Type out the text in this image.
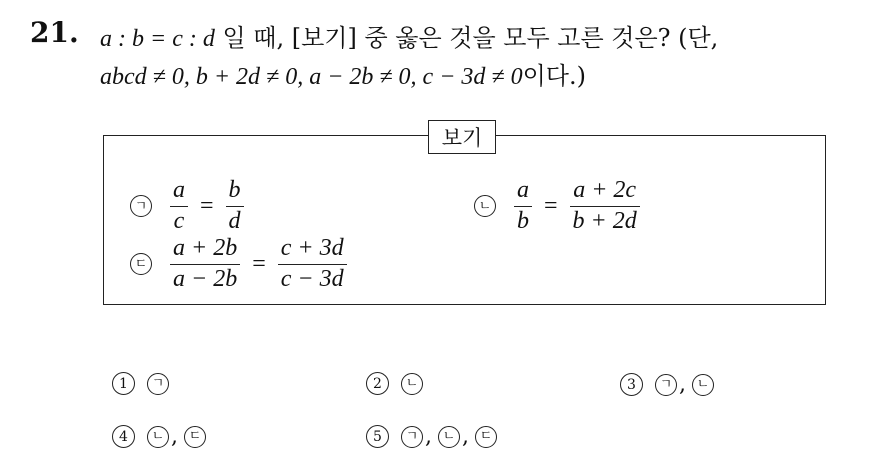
21. a : b = c : d 일 때, [보기] 중 옳은 것을 모두 고른 것은? (단,
abcd ≠ 0, b + 2d ≠ 0, a − 2b ≠ 0, c − 3d ≠ 0이다.)
보기
ㄱ $\frac{a}{c} = \frac{b}{d}$	ㄴ $\frac{a}{b} = \frac{a + 2c}{b + 2d}$
ㄷ $\frac{a + 2b}{a - 2b} = \frac{c + 3d}{c - 3d}$
1	ㄱ	2	ㄴ	3	ㄱ , ㄴ
4	ㄴ , ㄷ	5	ㄱ , ㄴ , ㄷ
